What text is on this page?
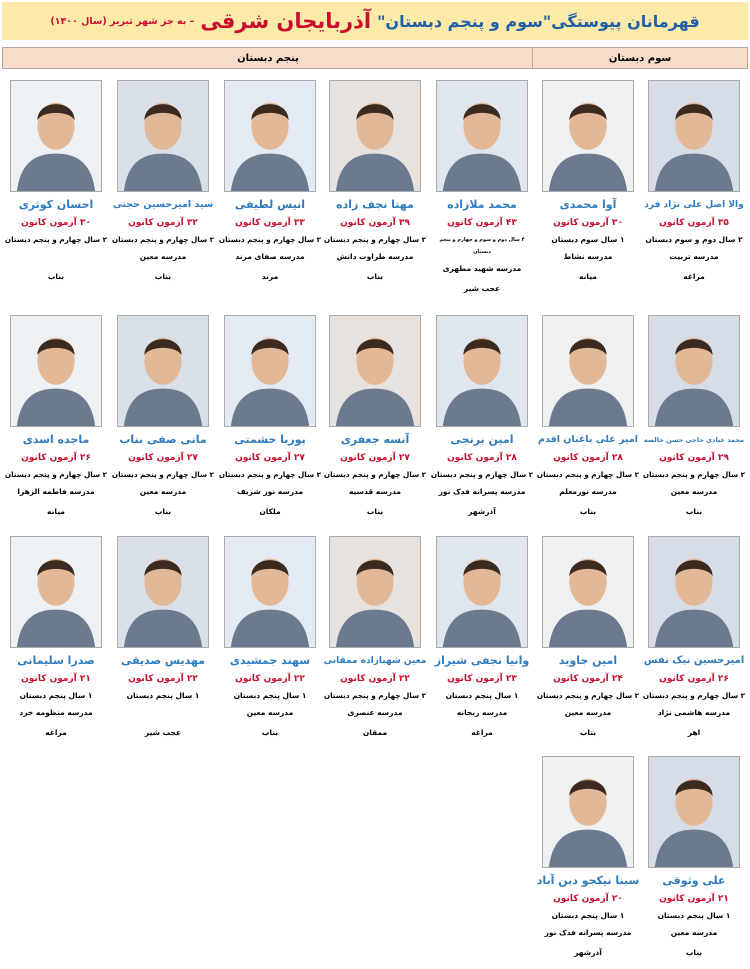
قهرمانان پیوستگی"سوم و پنجم دبستان"
آذربایجان شرقی
– به جز شهر تبریز (سال ۱۴۰۰)
سوم دبستان
پنجم دبستان
والا اصل علی نژاد فرد
۳۵ آزمون کانون
۲ سال دوم و سوم دبستان
مدرسه تربیت
مراغه
آوا محمدی
۳۰ آزمون کانون
۱ سال سوم دبستان
مدرسه نشاط
میانه
محمد ملازاده
۴۳ آزمون کانون
۴ سال دوم و سوم و چهارم و پنجم دبستان
مدرسه شهید مطهری
عجب شیر
مهتا نجف زاده
۳۹ آزمون کانون
۲ سال چهارم و پنجم دبستان
مدرسه طراوت دانش
بناب
انیس لطیفی
۳۳ آزمون کانون
۲ سال چهارم و پنجم دبستان
مدرسه صفای مرند
مرند
سید امیرحسین حجتی
۳۲ آزمون کانون
۲ سال چهارم و پنجم دبستان
مدرسه معین
بناب
احسان کوثری
۳۰ آزمون کانون
۲ سال چهارم و پنجم دبستان

بناب
محمد عبادی حاجی حسن خالصه
۲۹ آزمون کانون
۲ سال چهارم و پنجم دبستان
مدرسه معین
بناب
امیر علی باغبان اقدم
۲۸ آزمون کانون
۲ سال چهارم و پنجم دبستان
مدرسه نورمعلم
بناب
امین برنجی
۲۸ آزمون کانون
۲ سال چهارم و پنجم دبستان
مدرسه پسرانه فدک نور
آذرشهر
آنسه جعفری
۲۷ آزمون کانون
۲ سال چهارم و پنجم دبستان
مدرسه قدسیه
بناب
پوریا حشمتی
۲۷ آزمون کانون
۲ سال چهارم و پنجم دبستان
مدرسه نور شریف
ملکان
مانی صفی بناب
۲۷ آزمون کانون
۲ سال چهارم و پنجم دبستان
مدرسه معین
بناب
ماجده اسدی
۲۶ آزمون کانون
۲ سال چهارم و پنجم دبستان
مدرسه فاطمه الزهرا
میانه
امیرحسین نیک نفس
۲۶ آزمون کانون
۲ سال چهارم و پنجم دبستان
مدرسه هاشمی نژاد
اهر
امین جاوید
۲۴ آزمون کانون
۲ سال چهارم و پنجم دبستان
مدرسه معین
بناب
وانیا نجفی شیراز
۲۳ آزمون کانون
۱ سال پنجم دبستان
مدرسه ریحانه
مراغه
معین شهبازاده ممقانی
۲۲ آزمون کانون
۲ سال چهارم و پنجم دبستان
مدرسه عنصری
ممقان
سهند جمشیدی
۲۲ آزمون کانون
۱ سال پنجم دبستان
مدرسه معین
بناب
مهدیس صدیقی
۲۲ آزمون کانون
۱ سال پنجم دبستان

عجب شیر
صدرا سلیمانی
۲۱ آزمون کانون
۱ سال پنجم دبستان
مدرسه منظومه خرد
مراغه
علی وثوقی
۲۱ آزمون کانون
۱ سال پنجم دبستان
مدرسه معین
بناب
سینا نیکجو دین آباد
۲۰ آزمون کانون
۱ سال پنجم دبستان
مدرسه پسرانه فدک نور
آذرشهر
